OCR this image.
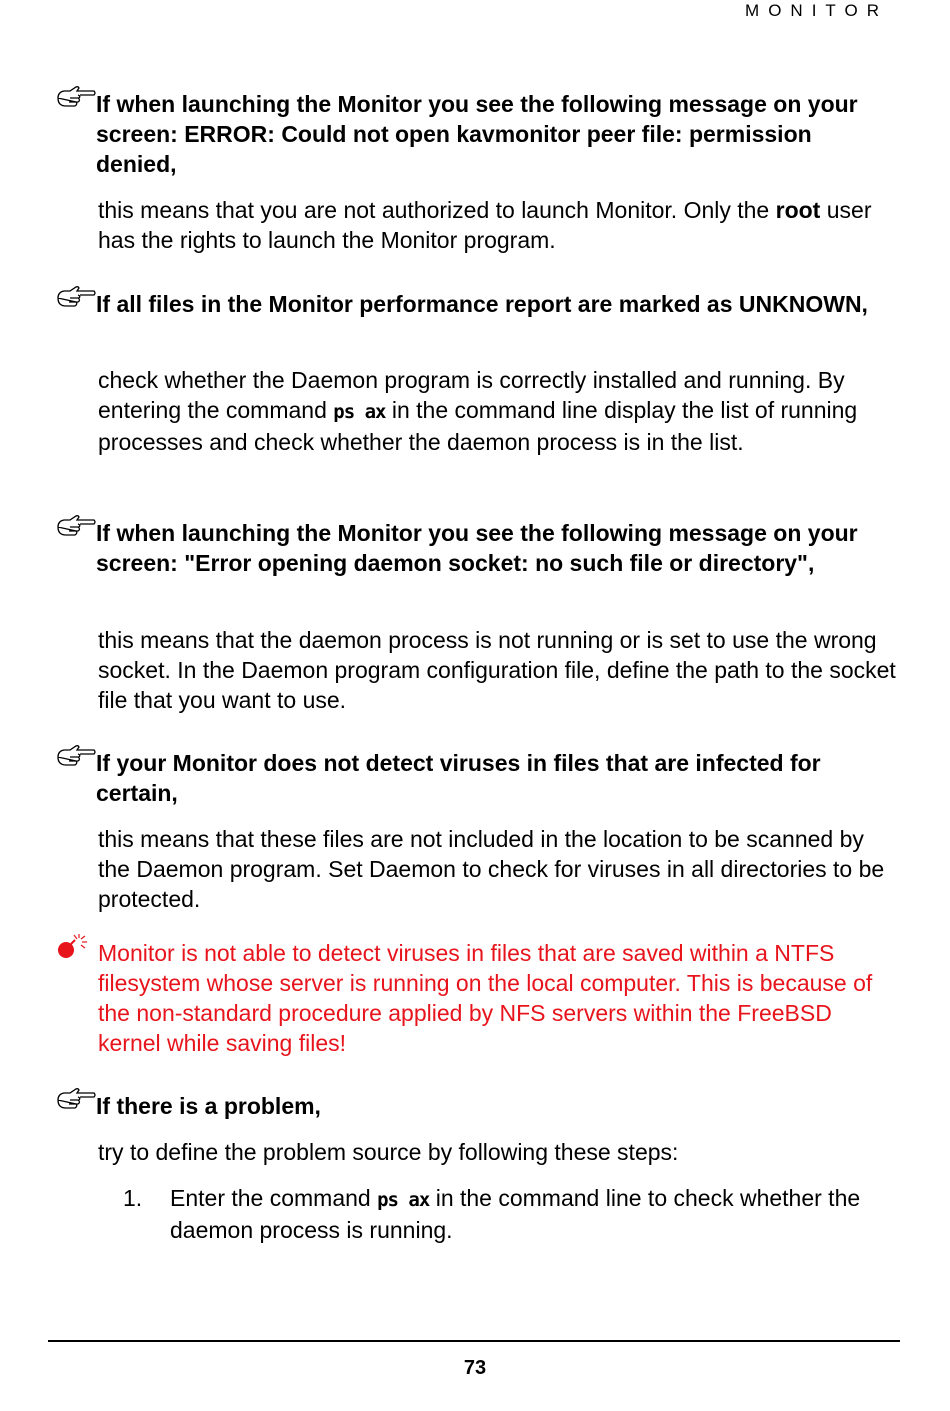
MONITOR
If when launching the Monitor you see the following message on your screen: ERROR: Could not open kavmonitor peer file: permission denied,
this means that you are not authorized to launch Monitor. Only the root user has the rights to launch the Monitor program.
If all files in the Monitor performance report are marked as UNKNOWN,
check whether the Daemon program is correctly installed and running. By entering the command ps ax in the command line display the list of running processes and check whether the daemon process is in the list.
If when launching the Monitor you see the following message on your screen: "Error opening daemon socket: no such file or directory",
this means that the daemon process is not running or is set to use the wrong socket. In the Daemon program configuration file, define the path to the socket file that you want to use.
If your Monitor does not detect viruses in files that are infected for certain,
this means that these files are not included in the location to be scanned by the Daemon program. Set Daemon to check for viruses in all directories to be protected.
Monitor is not able to detect viruses in files that are saved within a NTFS filesystem whose server is running on the local computer. This is because of the non-standard procedure applied by NFS servers within the FreeBSD kernel while saving files!
If there is a problem,
try to define the problem source by following these steps:
1. Enter the command ps ax in the command line to check whether the daemon process is running.
73
